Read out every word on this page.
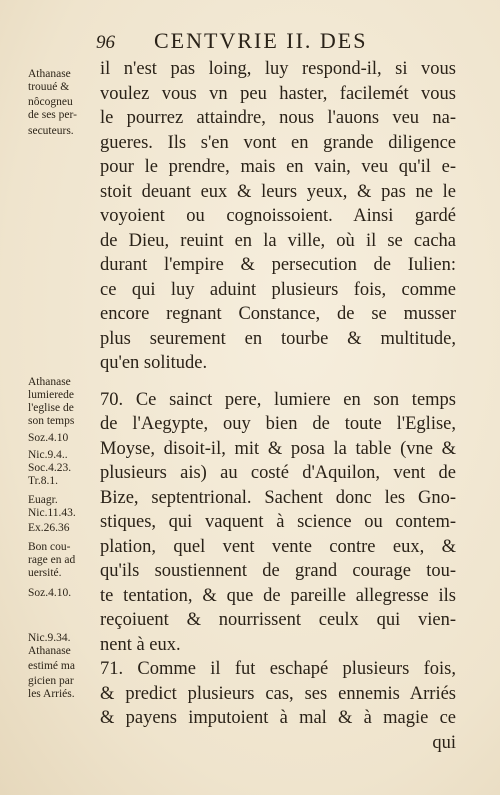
96 CENTVRIE II. DES
Athanase
trouué &
nôcogneu
de ses per-
secuteurs.
Athanase
lumierede
l'eglise de
son temps
Soz.4.10
Nic.9.4..
Soc.4.23.
Tr.8.1.
Euagr.
Nic.11.43.
Ex.26.36
Bon cou-
rage en ad
uersité.
Soz.4.10.
Nic.9.34.
Athanase
estimé ma
gicien par
les Arriés.
il n'est pas loing, luy respond-il, si vous
voulez vous vn peu haster, facilemét vous
le pourrez attaindre, nous l'auons veu na-
gueres. Ils s'en vont en grande diligence
pour le prendre, mais en vain, veu qu'il e-
stoit deuant eux & leurs yeux, & pas ne le
voyoient ou cognoissoient. Ainsi gardé
de Dieu, reuint en la ville, où il se cacha
durant l'empire & persecution de Iulien:
ce qui luy aduint plusieurs fois, comme
encore regnant Constance, de se musser
plus seurement en tourbe & multitude,
qu'en solitude.
70. Ce sainct pere, lumiere en son temps
de l'Aegypte, ouy bien de toute l'Eglise,
Moyse, disoit-il, mit & posa la table (vne &
plusieurs ais) au costé d'Aquilon, vent de
Bize, septentrional. Sachent donc les Gno-
stiques, qui vaquent à science ou contem-
plation, quel vent vente contre eux, &
qu'ils soustiennent de grand courage tou-
te tentation, & que de pareille allegresse ils
reçoiuent & nourrissent ceulx qui vien-
nent à eux.
71. Comme il fut eschapé plusieurs fois,
& predict plusieurs cas, ses ennemis Arriés
& payens imputoient à mal & à magie ce
qui
